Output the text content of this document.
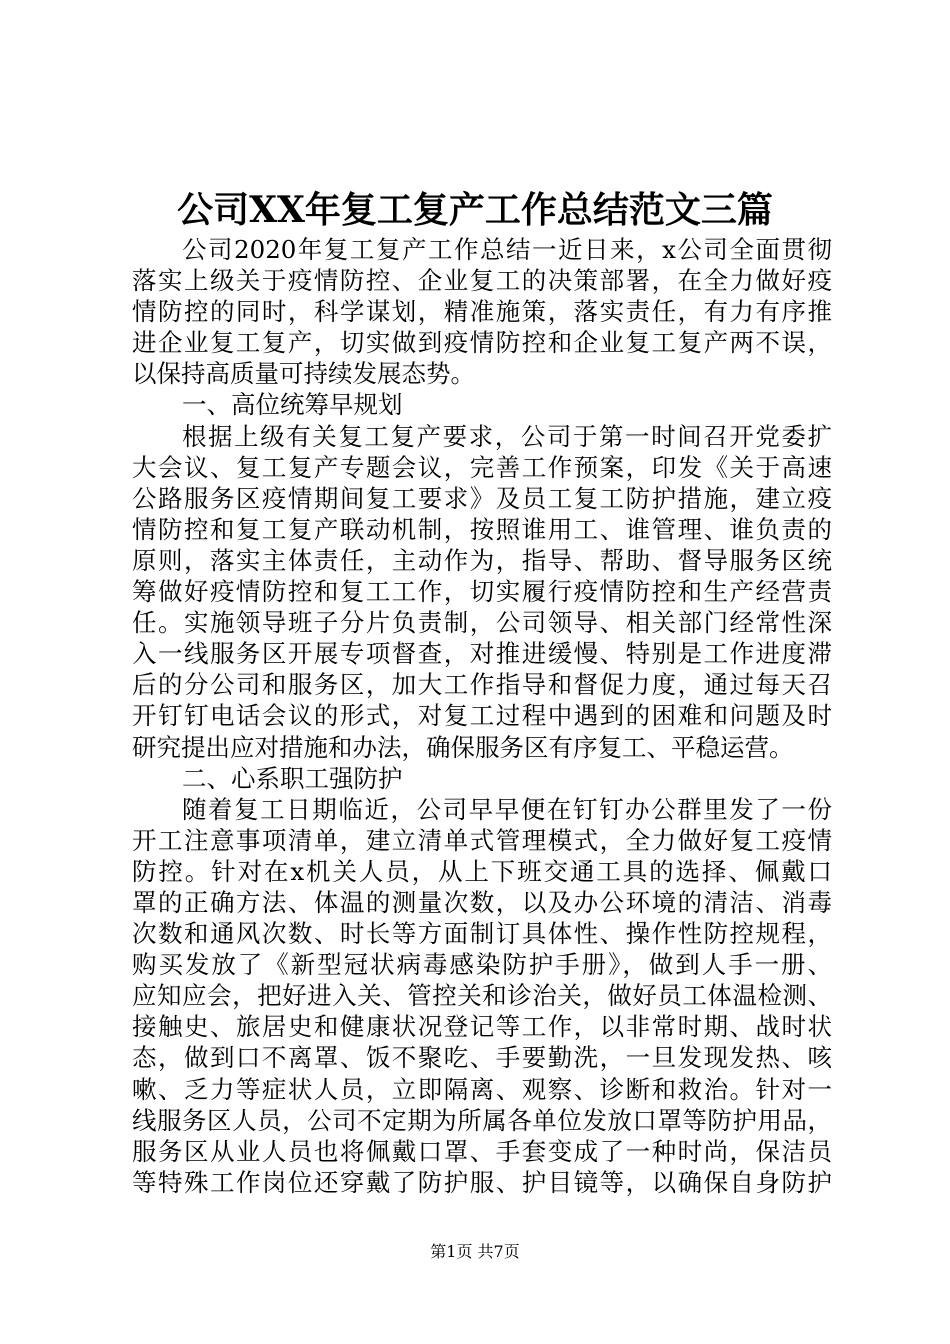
公司XX年复工复产工作总结范文三篇
公司2020年复工复产工作总结一近日来，x公司全面贯彻
落实上级关于疫情防控、企业复工的决策部署，在全力做好疫
情防控的同时，科学谋划，精准施策，落实责任，有力有序推
进企业复工复产，切实做到疫情防控和企业复工复产两不误，
以保持高质量可持续发展态势。
一、高位统筹早规划
根据上级有关复工复产要求，公司于第一时间召开党委扩
大会议、复工复产专题会议，完善工作预案，印发《关于高速
公路服务区疫情期间复工要求》及员工复工防护措施，建立疫
情防控和复工复产联动机制，按照谁用工、谁管理、谁负责的
原则，落实主体责任，主动作为，指导、帮助、督导服务区统
筹做好疫情防控和复工工作，切实履行疫情防控和生产经营责
任。实施领导班子分片负责制，公司领导、相关部门经常性深
入一线服务区开展专项督查，对推进缓慢、特别是工作进度滞
后的分公司和服务区，加大工作指导和督促力度，通过每天召
开钉钉电话会议的形式，对复工过程中遇到的困难和问题及时
研究提出应对措施和办法，确保服务区有序复工、平稳运营。
二、心系职工强防护
随着复工日期临近，公司早早便在钉钉办公群里发了一份
开工注意事项清单，建立清单式管理模式，全力做好复工疫情
防控。针对在x机关人员，从上下班交通工具的选择、佩戴口
罩的正确方法、体温的测量次数，以及办公环境的清洁、消毒
次数和通风次数、时长等方面制订具体性、操作性防控规程，
购买发放了《新型冠状病毒感染防护手册》，做到人手一册、
应知应会，把好进入关、管控关和诊治关，做好员工体温检测、
接触史、旅居史和健康状况登记等工作，以非常时期、战时状
态，做到口不离罩、饭不聚吃、手要勤洗，一旦发现发热、咳
嗽、乏力等症状人员，立即隔离、观察、诊断和救治。针对一
线服务区人员，公司不定期为所属各单位发放口罩等防护用品，
服务区从业人员也将佩戴口罩、手套变成了一种时尚，保洁员
等特殊工作岗位还穿戴了防护服、护目镜等，以确保自身防护
第1页 共7页
